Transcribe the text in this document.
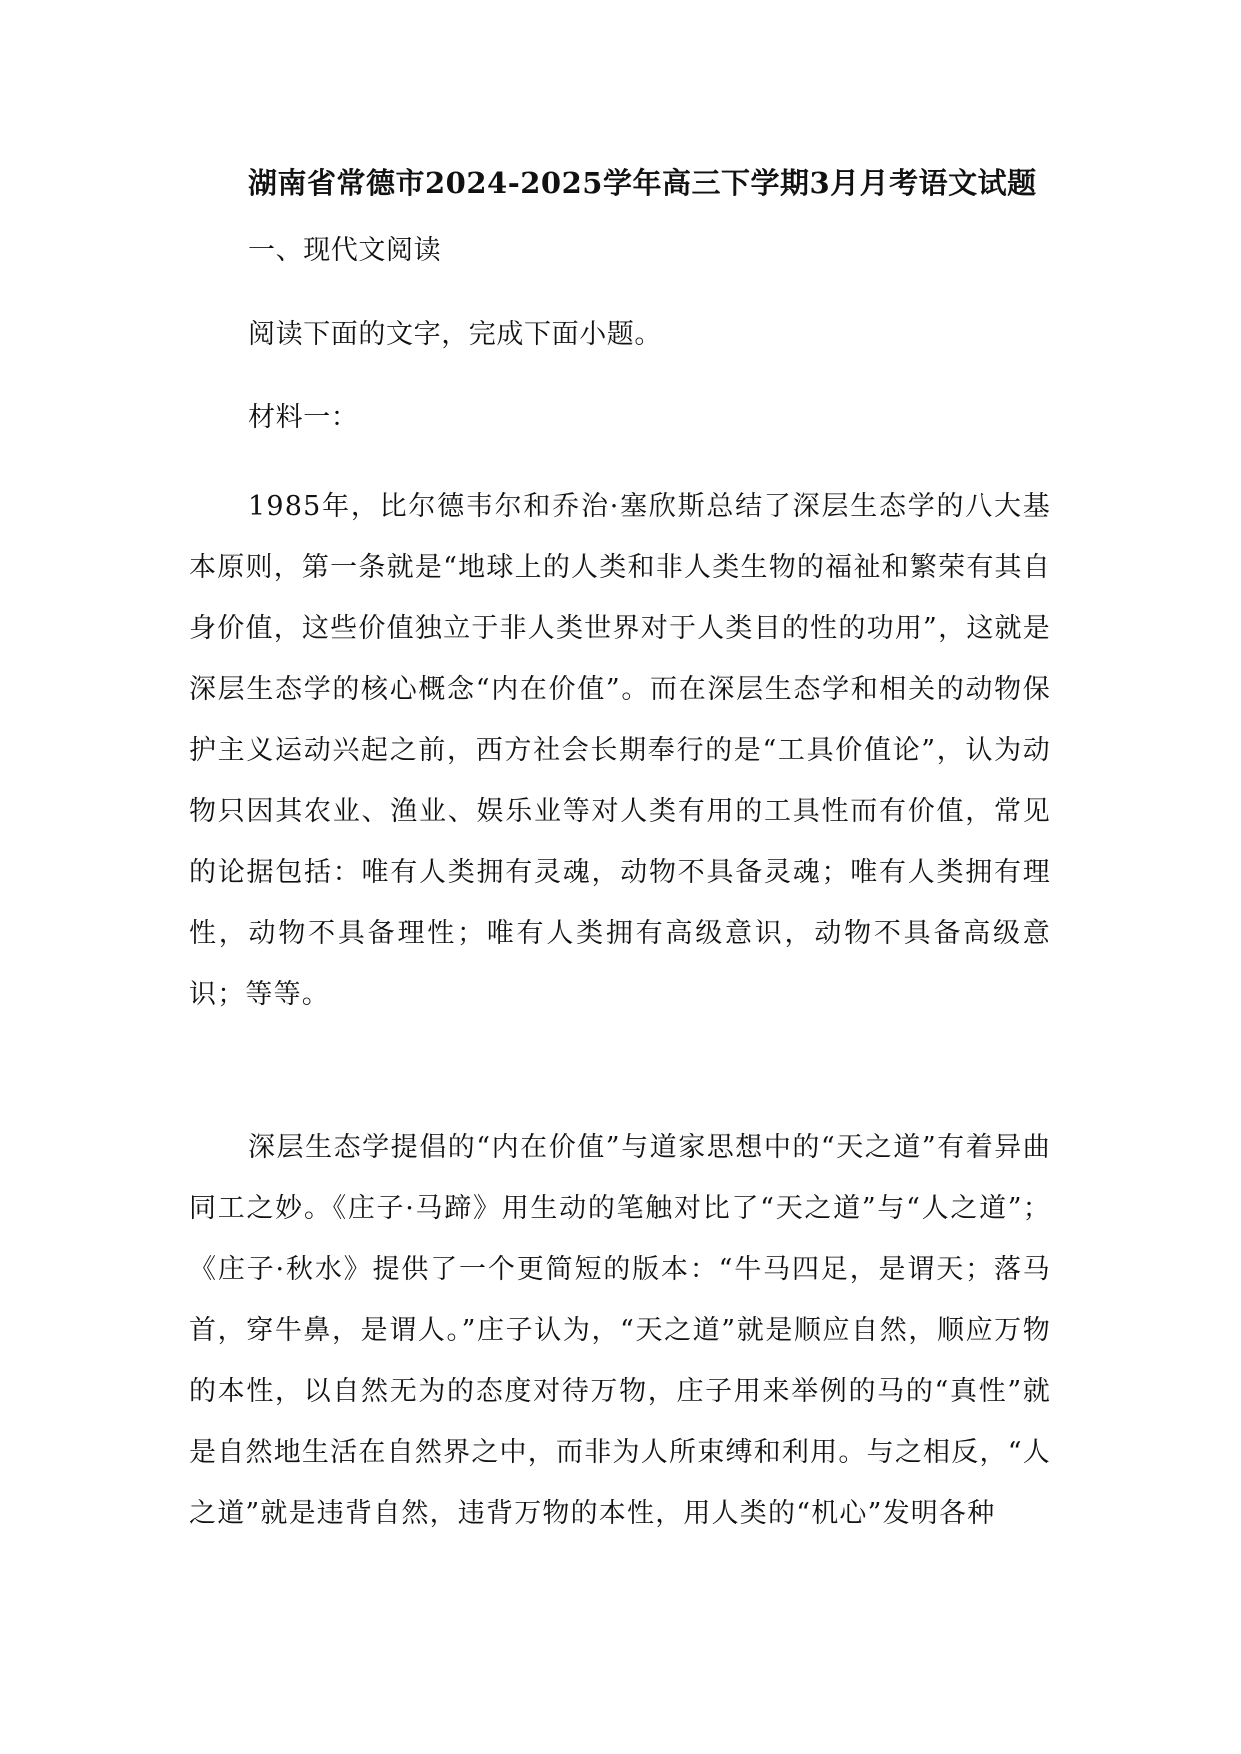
湖南省常德市2024-2025学年高三下学期3月月考语文试题
一、现代文阅读
阅读下面的文字，完成下面小题。
材料一：
1985年，比尔德韦尔和乔治·塞欣斯总结了深层生态学的八大基本原则，第一条就是“地球上的人类和非人类生物的福祉和繁荣有其自身价值，这些价值独立于非人类世界对于人类目的性的功用”，这就是深层生态学的核心概念“内在价值”。而在深层生态学和相关的动物保护主义运动兴起之前，西方社会长期奉行的是“工具价值论”，认为动物只因其农业、渔业、娱乐业等对人类有用的工具性而有价值，常见的论据包括：唯有人类拥有灵魂，动物不具备灵魂；唯有人类拥有理性，动物不具备理性；唯有人类拥有高级意识，动物不具备高级意识；等等。
深层生态学提倡的“内在价值”与道家思想中的“天之道”有着异曲同工之妙。《庄子·马蹄》用生动的笔触对比了“天之道”与“人之道”；《庄子·秋水》提供了一个更简短的版本：“牛马四足，是谓天；落马首，穿牛鼻，是谓人。”庄子认为，“天之道”就是顺应自然，顺应万物的本性，以自然无为的态度对待万物，庄子用来举例的马的“真性”就是自然地生活在自然界之中，而非为人所束缚和利用。与之相反，“人之道”就是违背自然，违背万物的本性，用人类的“机心”发明各种
